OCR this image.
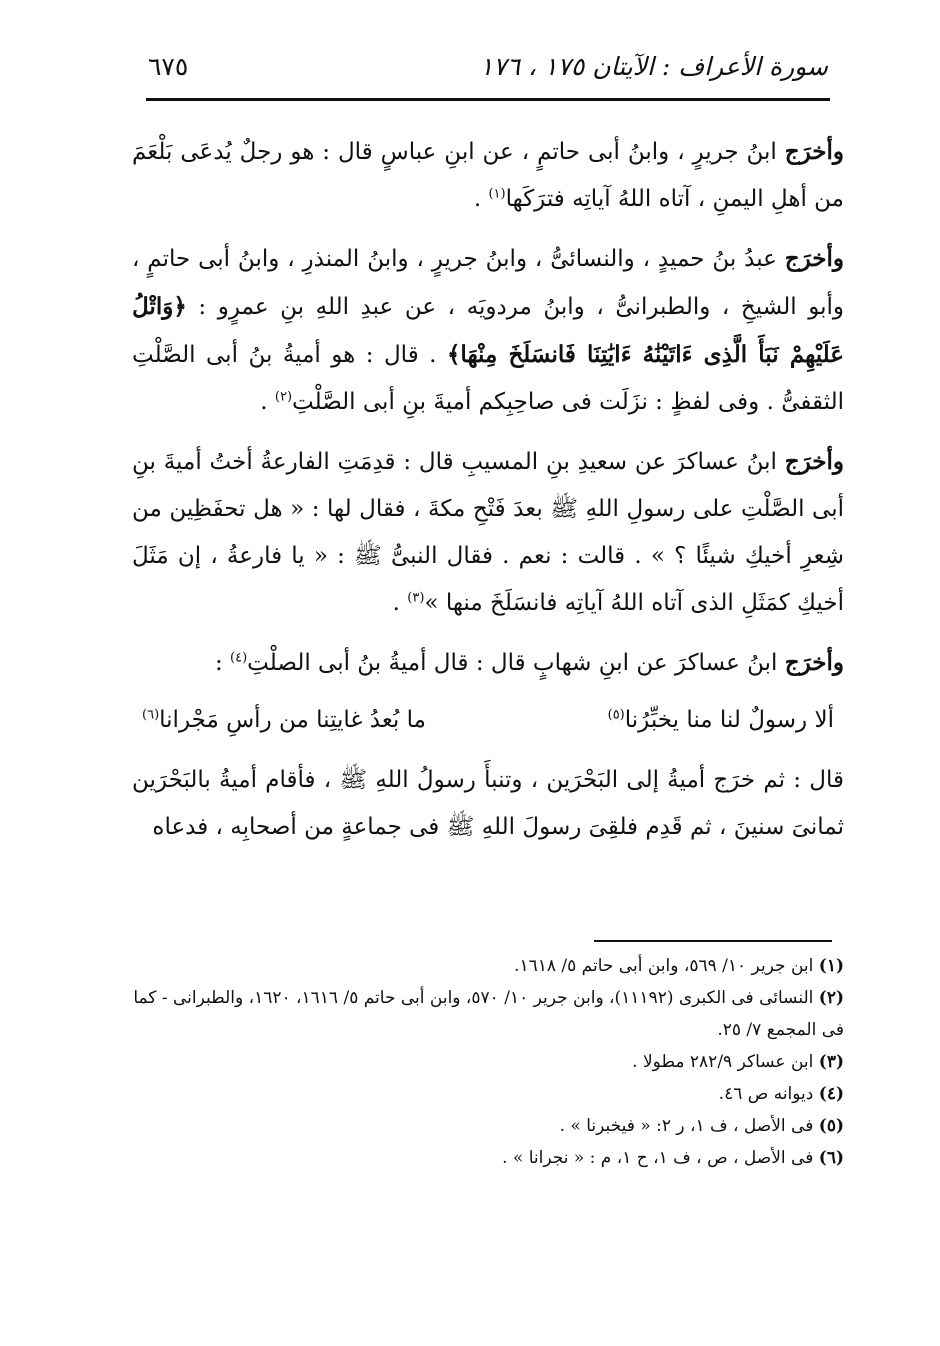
سورة الأعراف : الآيتان ١٧٥ ، ١٧٦
٦٧٥

وأخرَج ابنُ جريرٍ ، وابنُ أبى حاتمٍ ، عن ابنِ عباسٍ قال : هو رجلٌ يُدعَى بَلْعَمَ من أهلِ اليمنِ ، آتاه اللهُ آياتِه فترَكَها$^{(١)}$ .

وأخرَج عبدُ بنُ حميدٍ ، والنسائىُّ ، وابنُ جريرٍ ، وابنُ المنذرِ ، وابنُ أبى حاتمٍ ، وأبو الشيخِ ، والطبرانىُّ ، وابنُ مردويَه ، عن عبدِ اللهِ بنِ عمرٍو : ﴿وَاتْلُ عَلَيْهِمْ نَبَأَ الَّذِى ءَاتَيْنَٰهُ ءَايَٰتِنَا فَانسَلَخَ مِنْهَا﴾ . قال : هو أميةُ بنُ أبى الصَّلْتِ الثقفىُّ . وفى لفظٍ : نزَلَت فى صاحِبِكم أميةَ بنِ أبى الصَّلْتِ$^{(٢)}$ .

وأخرَج ابنُ عساكرَ عن سعيدِ بنِ المسيبِ قال : قدِمَتِ الفارعةُ أختُ أميةَ بنِ أبى الصَّلْتِ على رسولِ اللهِ ﷺ بعدَ فَتْحِ مكةَ ، فقال لها : « هل تحفَظِين من شِعرِ أخيكِ شيئًا ؟ » . قالت : نعم . فقال النبىُّ ﷺ : « يا فارعةُ ، إن مَثَلَ أخيكِ كمَثَلِ الذى آتاه اللهُ آياتِه فانسَلَخَ منها »$^{(٣)}$ .

وأخرَج ابنُ عساكرَ عن ابنِ شهابٍ قال : قال أميةُ بنُ أبى الصلْتِ$^{(٤)}$ :

ألا رسولٌ لنا منا يخبِّرُنا$^{(٥)}$
ما بُعدُ غايتِنا من رأسِ مَجْرانا$^{(٦)}$

قال : ثم خرَج أميةُ إلى البَحْرَين ، وتنبأَ رسولُ اللهِ ﷺ ، فأقام أميةُ بالبَحْرَين ثمانىَ سنينَ ، ثم قَدِم فلقِىَ رسولَ اللهِ ﷺ فى جماعةٍ من أصحابِه ، فدعاه

(١) ابن جرير ١٠/ ٥٦٩، وابن أبى حاتم ٥/ ١٦١٨.

(٢) النسائى فى الكبرى (١١١٩٢)، وابن جرير ١٠/ ٥٧٠، وابن أبى حاتم ٥/ ١٦١٦، ١٦٢٠، والطبرانى - كما فى المجمع ٧/ ٢٥.

(٣) ابن عساكر ٢٨٢/٩ مطولا .

(٤) ديوانه ص ٤٦.

(٥) فى الأصل ، ف ١، ر ٢: « فيخبرنا » .

(٦) فى الأصل ، ص ، ف ١، ح ١، م : « نجرانا » .
